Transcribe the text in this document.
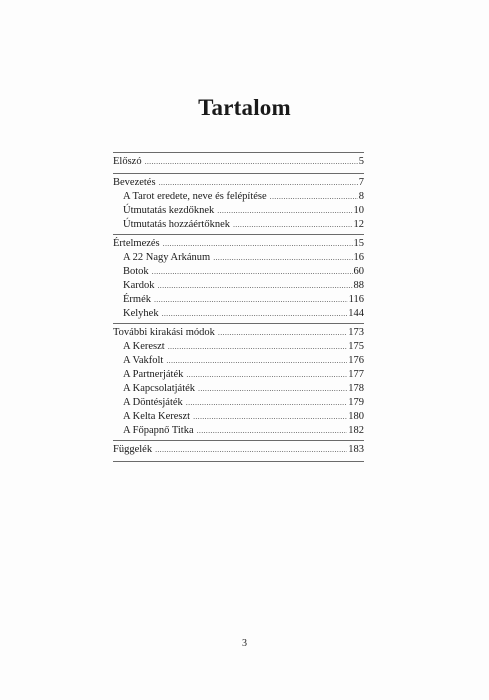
Tartalom
Előszó .....	5
Bevezetés .....	7
A Tarot eredete, neve és felépítése .....	8
Útmutatás kezdőknek .....	10
Útmutatás hozzáértőknek .....	12
Értelmezés .....	15
A 22 Nagy Arkánum .....	16
Botok .....	60
Kardok .....	88
Érmék .....	116
Kelyhek .....	144
További kirakási módok .....	173
A Kereszt .....	175
A Vakfolt .....	176
A Partnerjáték .....	177
A Kapcsolatjáték .....	178
A Döntésjáték .....	179
A Kelta Kereszt .....	180
A Főpapnő Titka .....	182
Függelék .....	183
3
